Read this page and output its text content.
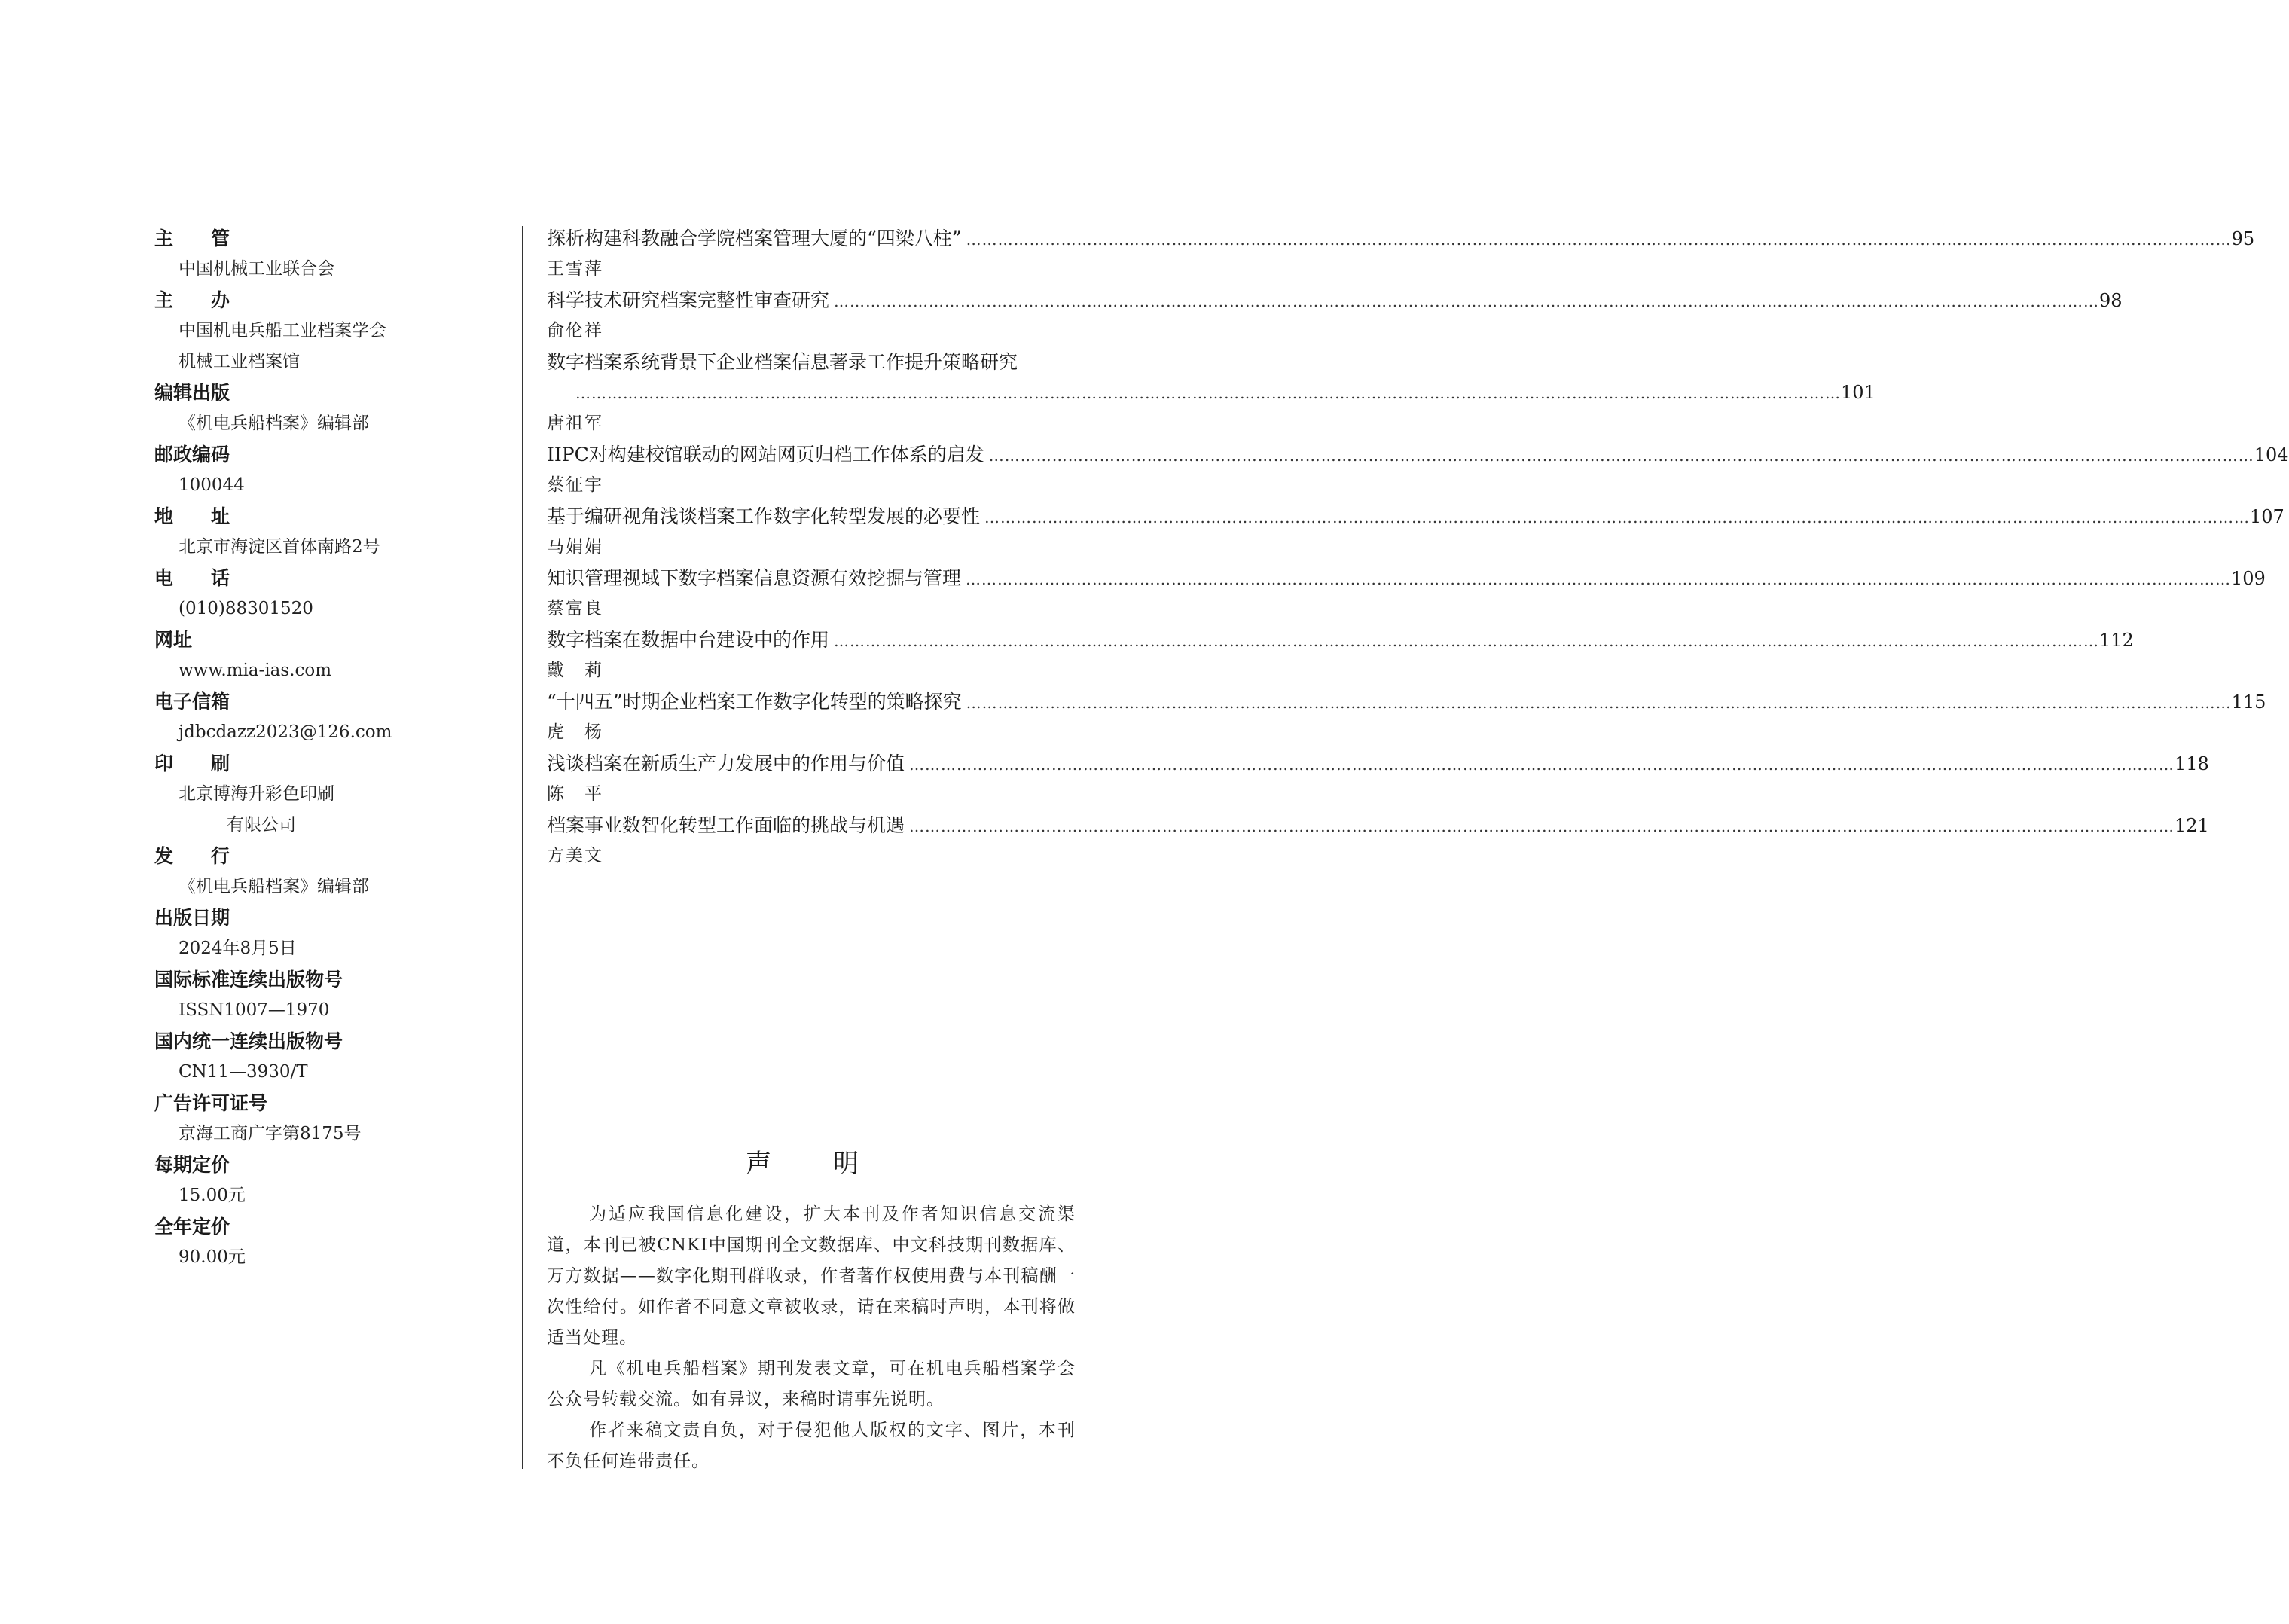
主　　管
中国机械工业联合会
主　　办
中国机电兵船工业档案学会
机械工业档案馆
编辑出版
《机电兵船档案》编辑部
邮政编码
100044
地　　址
北京市海淀区首体南路2号
电　　话
(010)88301520
网址
www.mia-ias.com
电子信箱
jdbcdazz2023@126.com
印　　刷
北京博海升彩色印刷
有限公司
发　　行
《机电兵船档案》编辑部
出版日期
2024年8月5日
国际标准连续出版物号
ISSN1007—1970
国内统一连续出版物号
CN11—3930/T
广告许可证号
京海工商广字第8175号
每期定价
15.00元
全年定价
90.00元
探析构建科教融合学院档案管理大厦的“四梁八柱” …………………………………………………………………………………………………………………………………………………………………………………………………………………… 95
王雪萍
科学技术研究档案完整性审查研究 …………………………………………………………………………………………………………………………………………………………………………………………………………………… 98
俞伦祥
数字档案系统背景下企业档案信息著录工作提升策略研究
…………………………………………………………………………………………………………………………………………………………………………………………………………………… 101
唐祖军
IIPC对构建校馆联动的网站网页归档工作体系的启发 …………………………………………………………………………………………………………………………………………………………………………………………………………………… 104
蔡征宇
基于编研视角浅谈档案工作数字化转型发展的必要性 …………………………………………………………………………………………………………………………………………………………………………………………………………………… 107
马娟娟
知识管理视域下数字档案信息资源有效挖掘与管理 …………………………………………………………………………………………………………………………………………………………………………………………………………………… 109
蔡富良
数字档案在数据中台建设中的作用 …………………………………………………………………………………………………………………………………………………………………………………………………………………… 112
戴　莉
“十四五”时期企业档案工作数字化转型的策略探究 …………………………………………………………………………………………………………………………………………………………………………………………………………………… 115
虎　杨
浅谈档案在新质生产力发展中的作用与价值 …………………………………………………………………………………………………………………………………………………………………………………………………………………… 118
陈　平
档案事业数智化转型工作面临的挑战与机遇 …………………………………………………………………………………………………………………………………………………………………………………………………………………… 121
方美文
声　明

为适应我国信息化建设，扩大本刊及作者知识信息交流渠道，本刊已被CNKI中国期刊全文数据库、中文科技期刊数据库、万方数据——数字化期刊群收录，作者著作权使用费与本刊稿酬一次性给付。如作者不同意文章被收录，请在来稿时声明，本刊将做适当处理。

凡《机电兵船档案》期刊发表文章，可在机电兵船档案学会公众号转载交流。如有异议，来稿时请事先说明。

作者来稿文责自负，对于侵犯他人版权的文字、图片，本刊不负任何连带责任。
